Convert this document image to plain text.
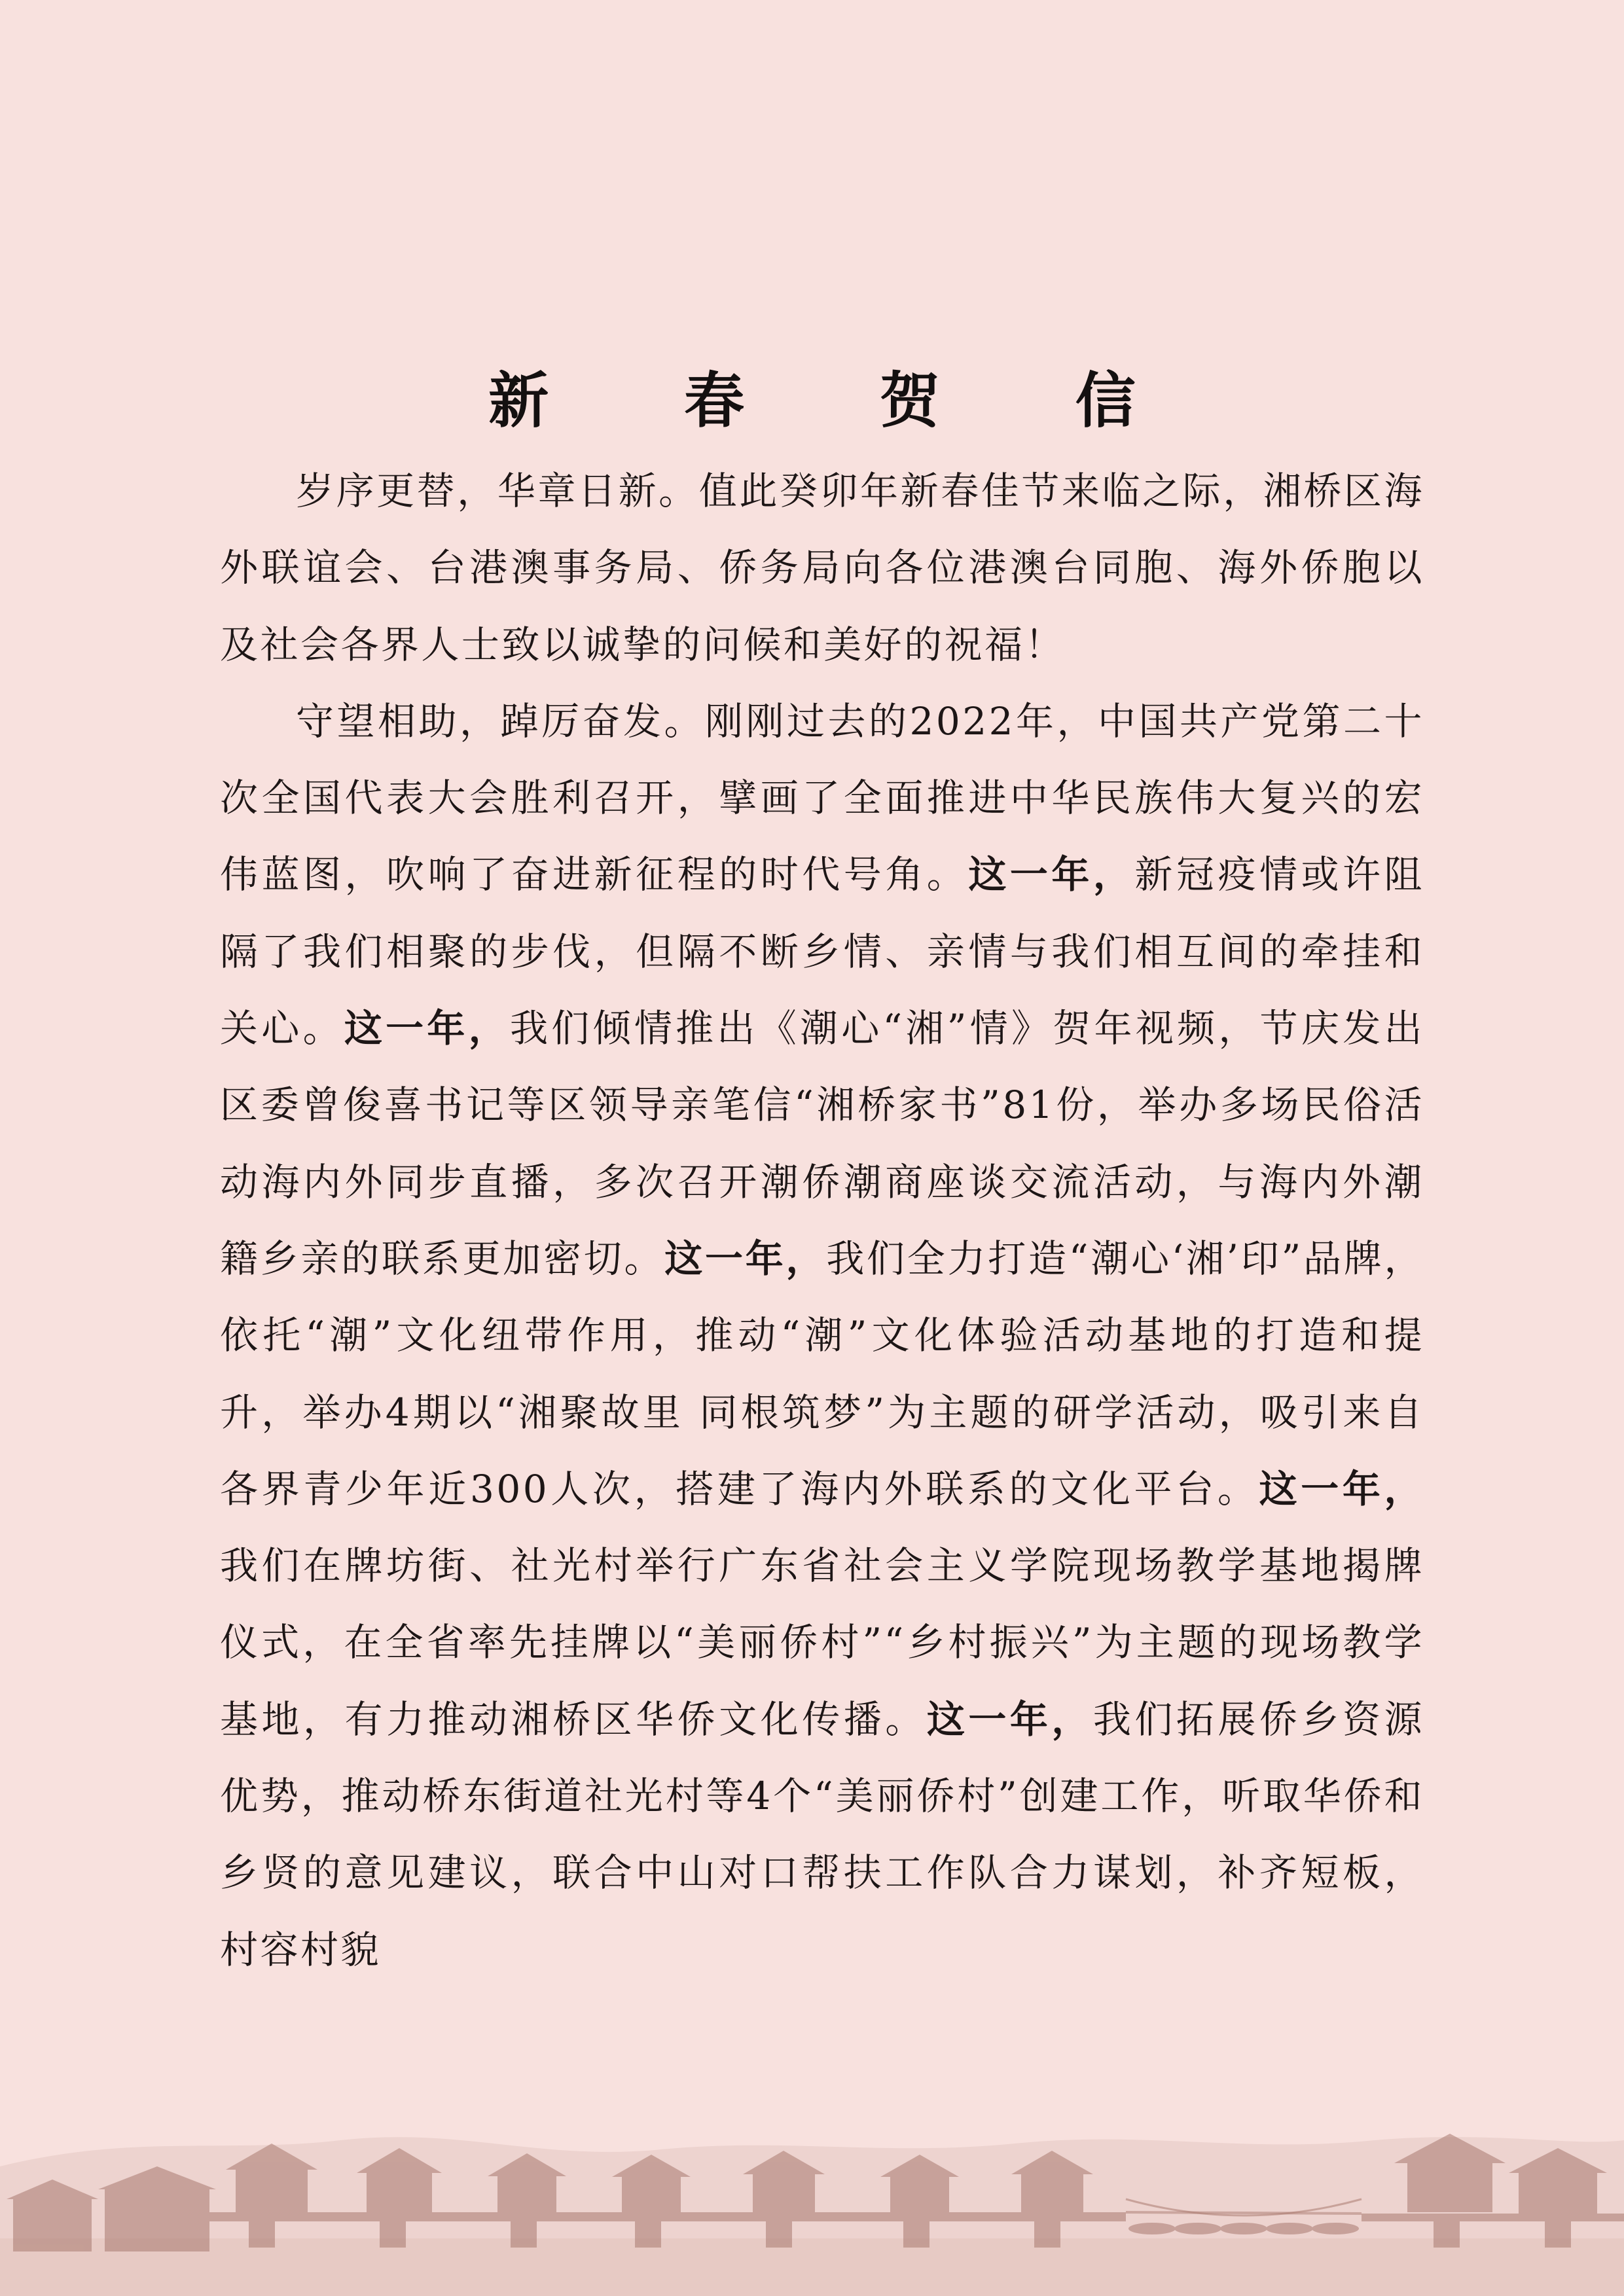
新 春 贺 信

岁序更替，华章日新。值此癸卯年新春佳节来临之际，湘桥区海外联谊会、台港澳事务局、侨务局向各位港澳台同胞、海外侨胞以及社会各界人士致以诚挚的问候和美好的祝福！

守望相助，踔厉奋发。刚刚过去的2022年，中国共产党第二十次全国代表大会胜利召开，擘画了全面推进中华民族伟大复兴的宏伟蓝图，吹响了奋进新征程的时代号角。这一年，新冠疫情或许阻隔了我们相聚的步伐，但隔不断乡情、亲情与我们相互间的牵挂和关心。这一年，我们倾情推出《潮心“湘”情》贺年视频，节庆发出区委曾俊喜书记等区领导亲笔信“湘桥家书”81份，举办多场民俗活动海内外同步直播，多次召开潮侨潮商座谈交流活动，与海内外潮籍乡亲的联系更加密切。这一年，我们全力打造“潮心‘湘’印”品牌，依托“潮”文化纽带作用，推动“潮”文化体验活动基地的打造和提升，举办4期以“湘聚故里 同根筑梦”为主题的研学活动，吸引来自各界青少年近300人次，搭建了海内外联系的文化平台。这一年，我们在牌坊街、社光村举行广东省社会主义学院现场教学基地揭牌仪式，在全省率先挂牌以“美丽侨村”“乡村振兴”为主题的现场教学基地，有力推动湘桥区华侨文化传播。这一年，我们拓展侨乡资源优势，推动桥东街道社光村等4个“美丽侨村”创建工作，听取华侨和乡贤的意见建议，联合中山对口帮扶工作队合力谋划，补齐短板，村容村貌
